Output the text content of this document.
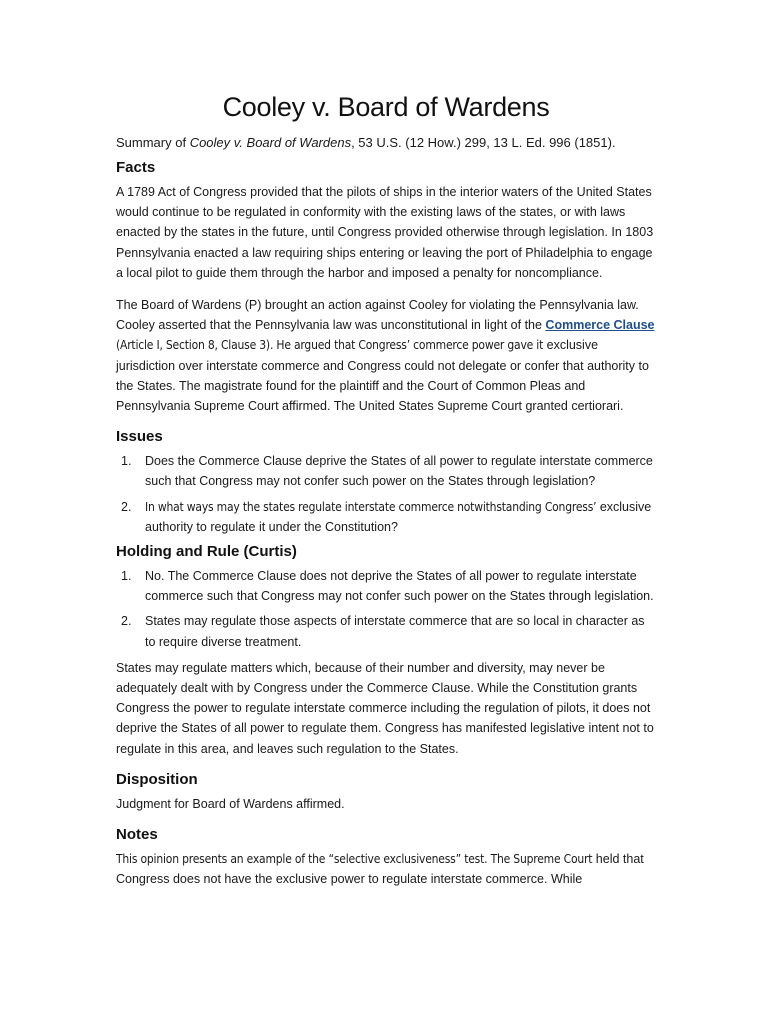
Cooley v. Board of Wardens
Summary of Cooley v. Board of Wardens, 53 U.S. (12 How.) 299, 13 L. Ed. 996 (1851).
Facts

A 1789 Act of Congress provided that the pilots of ships in the interior waters of the United States would continue to be regulated in conformity with the existing laws of the states, or with laws enacted by the states in the future, until Congress provided otherwise through legislation. In 1803 Pennsylvania enacted a law requiring ships entering or leaving the port of Philadelphia to engage a local pilot to guide them through the harbor and imposed a penalty for noncompliance.

The Board of Wardens (P) brought an action against Cooley for violating the Pennsylvania law. Cooley asserted that the Pennsylvania law was unconstitutional in light of the Commerce Clause (Article I, Section 8, Clause 3). He argued that Congress’ commerce power gave it exclusive jurisdiction over interstate commerce and Congress could not delegate or confer that authority to the States. The magistrate found for the plaintiff and the Court of Common Pleas and Pennsylvania Supreme Court affirmed. The United States Supreme Court granted certiorari.

Issues
1. Does the Commerce Clause deprive the States of all power to regulate interstate commerce such that Congress may not confer such power on the States through legislation?
2. In what ways may the states regulate interstate commerce notwithstanding Congress’ exclusive authority to regulate it under the Constitution?
Holding and Rule (Curtis)
1. No. The Commerce Clause does not deprive the States of all power to regulate interstate commerce such that Congress may not confer such power on the States through legislation.
2. States may regulate those aspects of interstate commerce that are so local in character as to require diverse treatment.

States may regulate matters which, because of their number and diversity, may never be adequately dealt with by Congress under the Commerce Clause. While the Constitution grants Congress the power to regulate interstate commerce including the regulation of pilots, it does not deprive the States of all power to regulate them. Congress has manifested legislative intent not to regulate in this area, and leaves such regulation to the States.

Disposition

Judgment for Board of Wardens affirmed.

Notes

This opinion presents an example of the “selective exclusiveness” test. The Supreme Court held that Congress does not have the exclusive power to regulate interstate commerce. While
